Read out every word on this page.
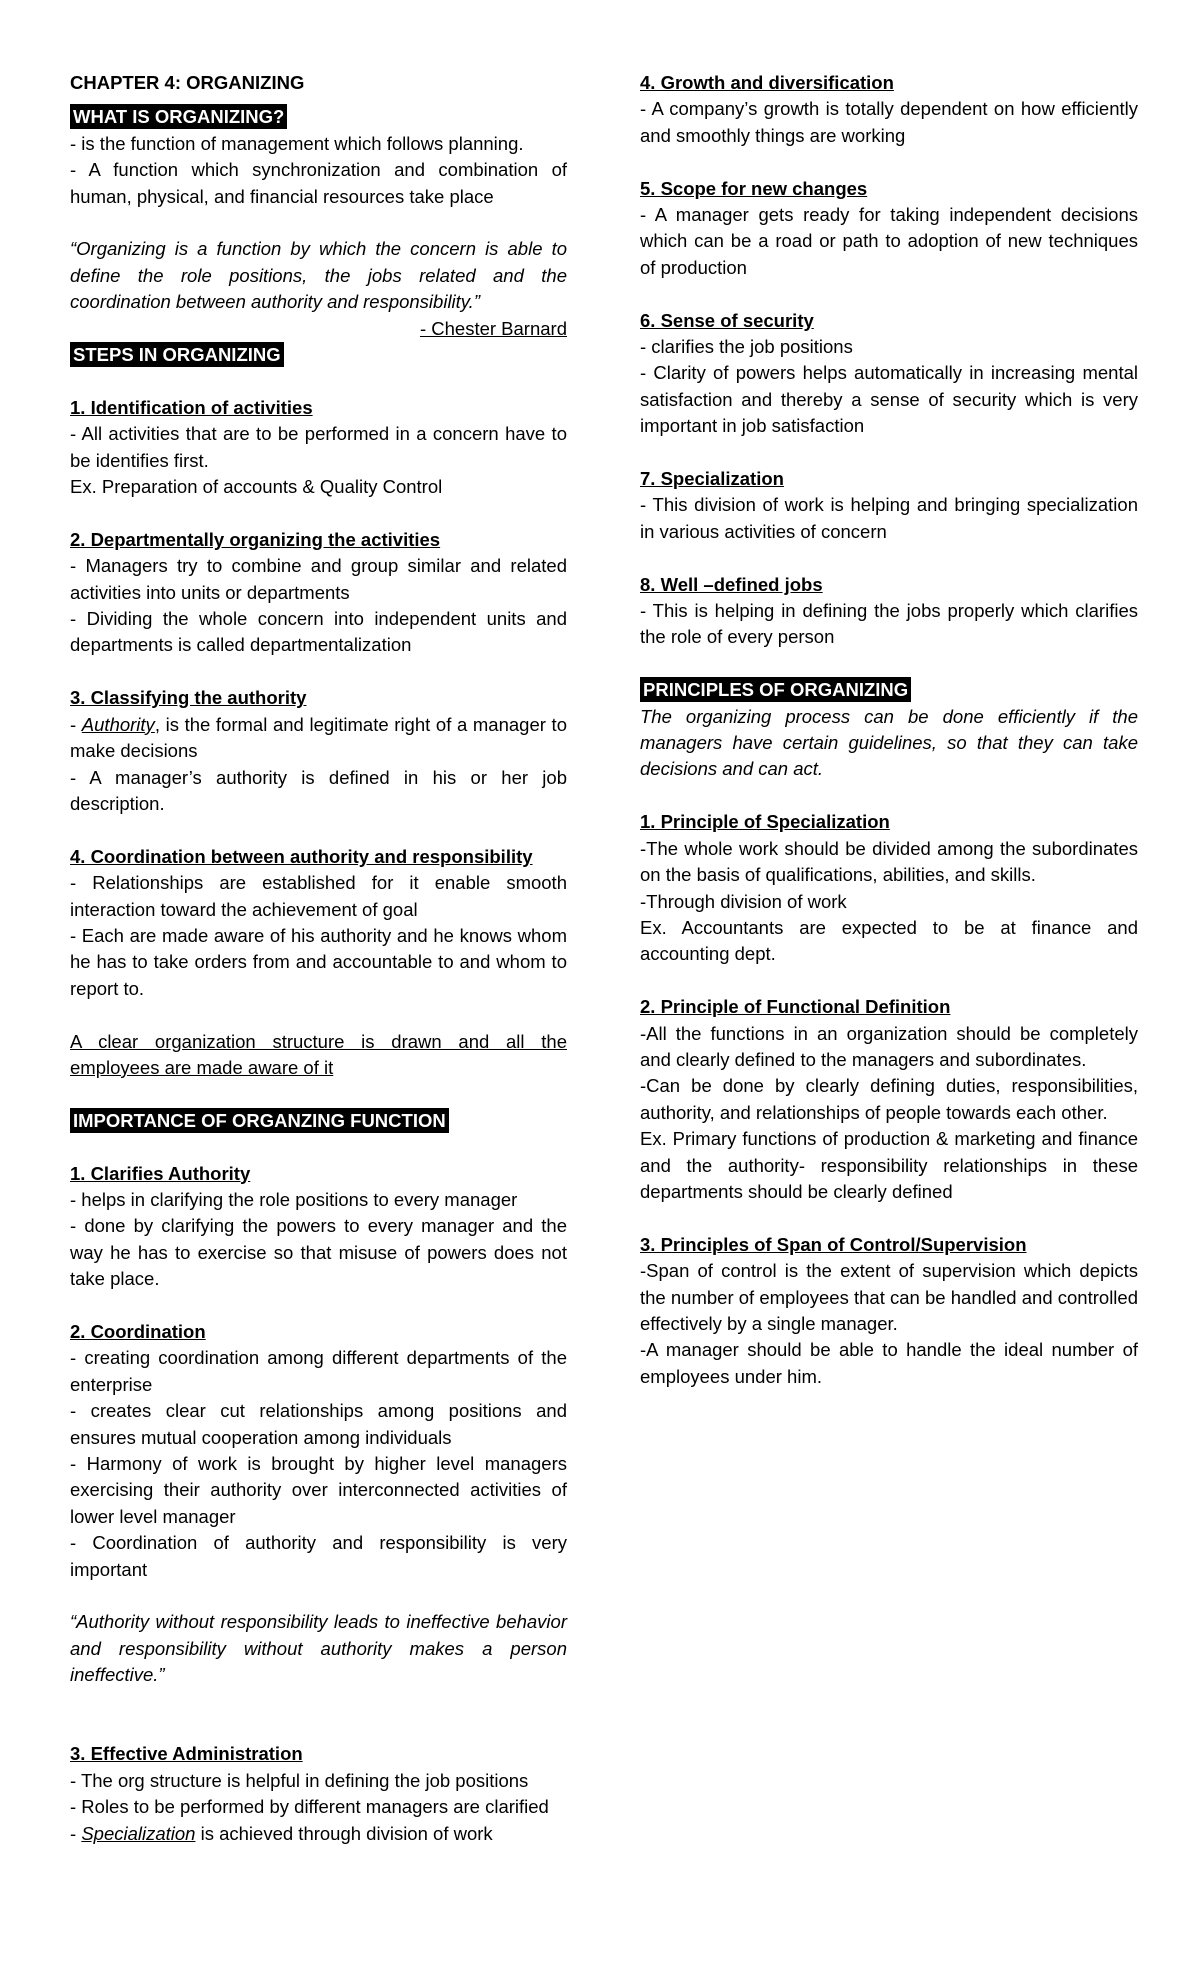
CHAPTER 4: ORGANIZING

WHAT IS ORGANIZING?

- is the function of management which follows planning.

- A function which synchronization and combination of human, physical, and financial resources take place

“Organizing is a function by which the concern is able to define the role positions, the jobs related and the coordination between authority and responsibility.”

- Chester Barnard

STEPS IN ORGANIZING

1. Identification of activities

- All activities that are to be performed in a concern have to be identifies first.

Ex. Preparation of accounts & Quality Control

2. Departmentally organizing the activities

- Managers try to combine and group similar and related activities into units or departments

- Dividing the whole concern into independent units and departments is called departmentalization

3. Classifying the authority

- Authority, is the formal and legitimate right of a manager to make decisions

- A manager’s authority is defined in his or her job description.

4. Coordination between authority and responsibility

- Relationships are established for it enable smooth interaction toward the achievement of goal

- Each are made aware of his authority and he knows whom he has to take orders from and accountable to and whom to report to.

A clear organization structure is drawn and all the employees are made aware of it

IMPORTANCE OF ORGANZING FUNCTION

1. Clarifies Authority

- helps in clarifying the role positions to every manager

- done by clarifying the powers to every manager and the way he has to exercise so that misuse of powers does not take place.

2. Coordination

- creating coordination among different departments of the enterprise

- creates clear cut relationships among positions and ensures mutual cooperation among individuals

- Harmony of work is brought by higher level managers exercising their authority over interconnected activities of lower level manager

- Coordination of authority and responsibility is very important

“Authority without responsibility leads to ineffective behavior and responsibility without authority makes a person ineffective.”

3. Effective Administration

- The org structure is helpful in defining the job positions

- Roles to be performed by different managers are clarified

- Specialization is achieved through division of work

4. Growth and diversification

- A company’s growth is totally dependent on how efficiently and smoothly things are working

5. Scope for new changes

- A manager gets ready for taking independent decisions which can be a road or path to adoption of new techniques of production

6. Sense of security

- clarifies the job positions

- Clarity of powers helps automatically in increasing mental satisfaction and thereby a sense of security which is very important in job satisfaction

7. Specialization

- This division of work is helping and bringing specialization in various activities of concern

8. Well –defined jobs

- This is helping in defining the jobs properly which clarifies the role of every person

PRINCIPLES OF ORGANIZING

The organizing process can be done efficiently if the managers have certain guidelines, so that they can take decisions and can act.

1. Principle of Specialization

-The whole work should be divided among the subordinates on the basis of qualifications, abilities, and skills.

-Through division of work

Ex. Accountants are expected to be at finance and accounting dept.

2. Principle of Functional Definition

-All the functions in an organization should be completely and clearly defined to the managers and subordinates.

-Can be done by clearly defining duties, responsibilities, authority, and relationships of people towards each other.

Ex. Primary functions of production & marketing and finance and the authority- responsibility relationships in these departments should be clearly defined

3. Principles of Span of Control/Supervision

-Span of control is the extent of supervision which depicts the number of employees that can be handled and controlled effectively by a single manager.

-A manager should be able to handle the ideal number of employees under him.
